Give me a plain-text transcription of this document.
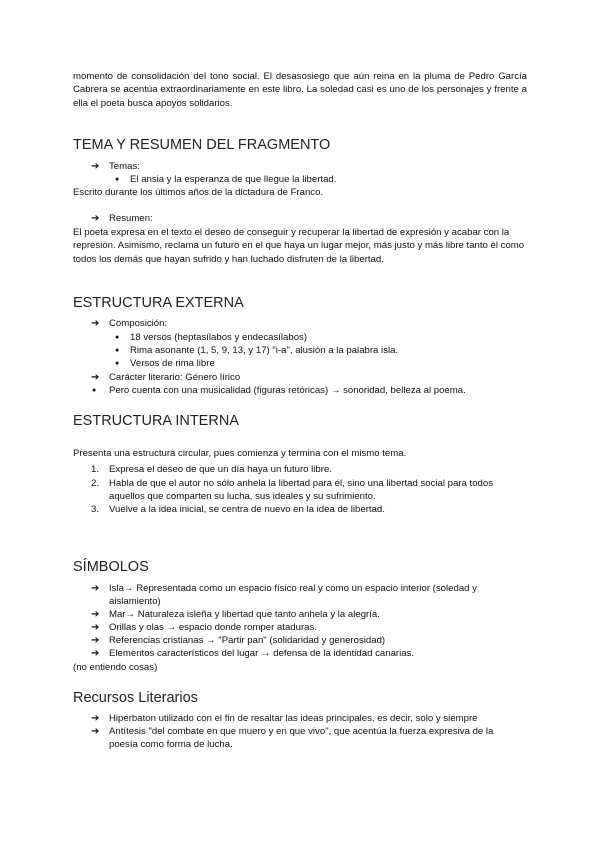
momento de consolidación del tono social. El desasosiego que aún reina en la pluma de Pedro García Cabrera se acentúa extraordinariamente en este libro. La soledad casi es uno de los personajes y frente a ella el poeta busca apoyos solidarios.
TEMA Y RESUMEN DEL FRAGMENTO
➔ Temas:
● El ansia y la esperanza de que llegue la libertad.
Escrito durante los últimos años de la dictadura de Franco.
➔ Resumen:
El poeta expresa en el texto el deseo de conseguir y recuperar la libertad de expresión y acabar con la represión. Asimismo, reclama un futuro en el que haya un lugar mejor, más justo y más libre tanto él como todos los demás que hayan sufrido y han luchado disfruten de la libertad.
ESTRUCTURA EXTERNA
➔ Composición:
● 18 versos (heptasílabos y endecasílabos)
● Rima asonante (1, 5, 9, 13, y 17) "i-a", alusión a la palabra isla.
● Versos de rima libre
➔ Carácter literario: Género lírico
● Pero cuenta con una musicalidad (figuras retóricas) → sonoridad, belleza al poema.
ESTRUCTURA INTERNA
Presenta una estructura circular, pues comienza y termina con el mismo tema.
1. Expresa el deseo de que un día haya un futuro libre.
2. Habla de que el autor no sólo anhela la libertad para él, sino una libertad social para todos aquellos que comparten su lucha, sus ideales y su sufrimiento.
3. Vuelve a la idea inicial, se centra de nuevo en la idea de libertad.
SÍMBOLOS
➔ Isla→ Representada como un espacio físico real y como un espacio interior (soledad y aislamiento)
➔ Mar→ Naturaleza isleña y libertad que tanto anhela y la alegría.
➔ Orillas y olas → espacio donde romper ataduras.
➔ Referencias cristianas → "Partir pan" (solidaridad y generosidad)
➔ Elementos característicos del lugar → defensa de la identidad canarias.
(no entiendo cosas)
Recursos Literarios
➔ Hipérbaton utilizado con el fin de resaltar las ideas principales, es decir, solo y siempre
➔ Antítesis "del combate en que muero y en que vivo", que acentúa la fuerza expresiva de la poesía como forma de lucha.
